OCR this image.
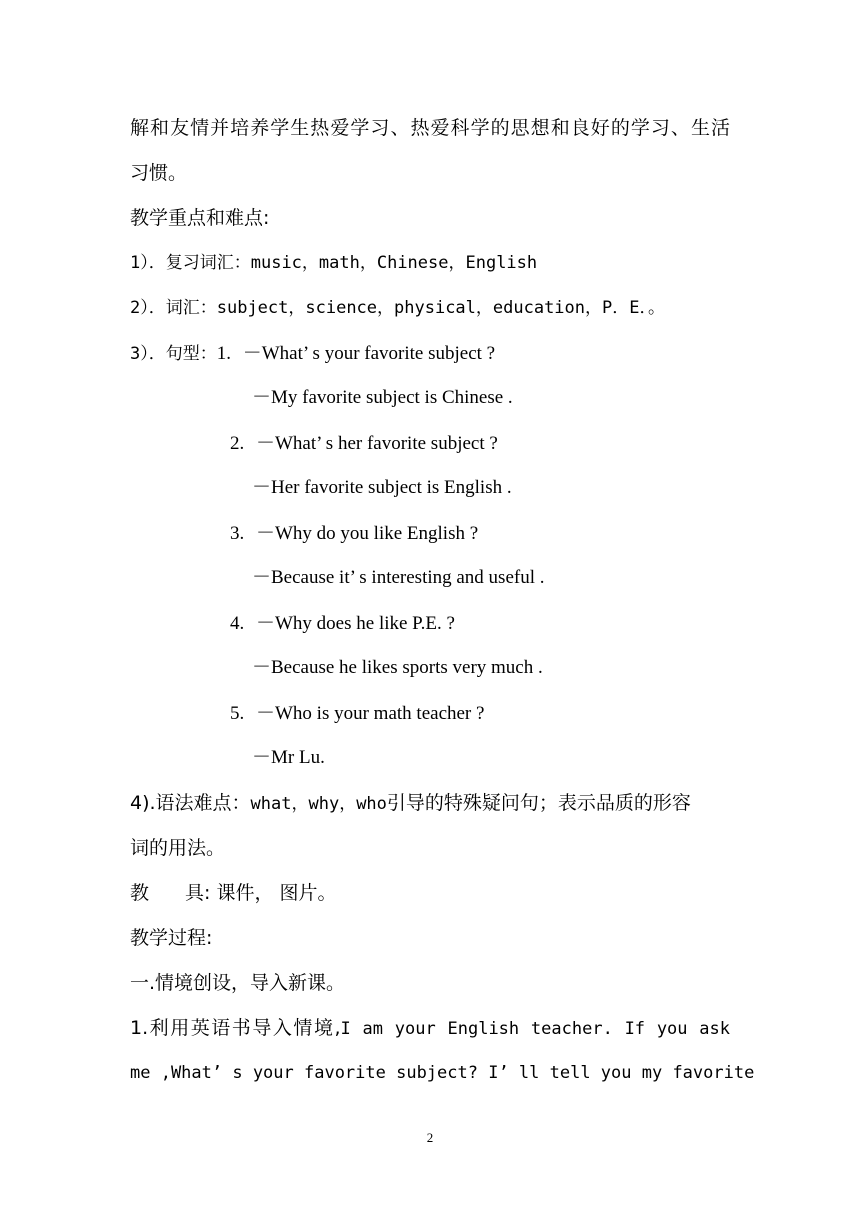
解和友情并培养学生热爱学习、热爱科学的思想和良好的学习、生活
习惯。
教学重点和难点:
1）．复习词汇：music，math，Chinese，English
2）．词汇：subject，science，physical，education，P．E．。
3）．句型：1. －What’ s your favorite subject ?
－My favorite subject is Chinese .
2. －What’ s her favorite subject ?
－Her favorite subject is English .
3. －Why do you like English ?
－Because it’ s interesting and useful .
4. －Why does he like P.E. ?
－Because he likes sports very much .
5. －Who is your math teacher ?
－Mr Lu.
4).语法难点：what，why，who引导的特殊疑问句；表示品质的形容
词的用法。
教 具: 课件， 图片。
教学过程:
一.情境创设，导入新课。
1.利用英语书导入情境,I am your English teacher. If you ask
me ,What’ s your favorite subject? I’ ll tell you my favorite
2
